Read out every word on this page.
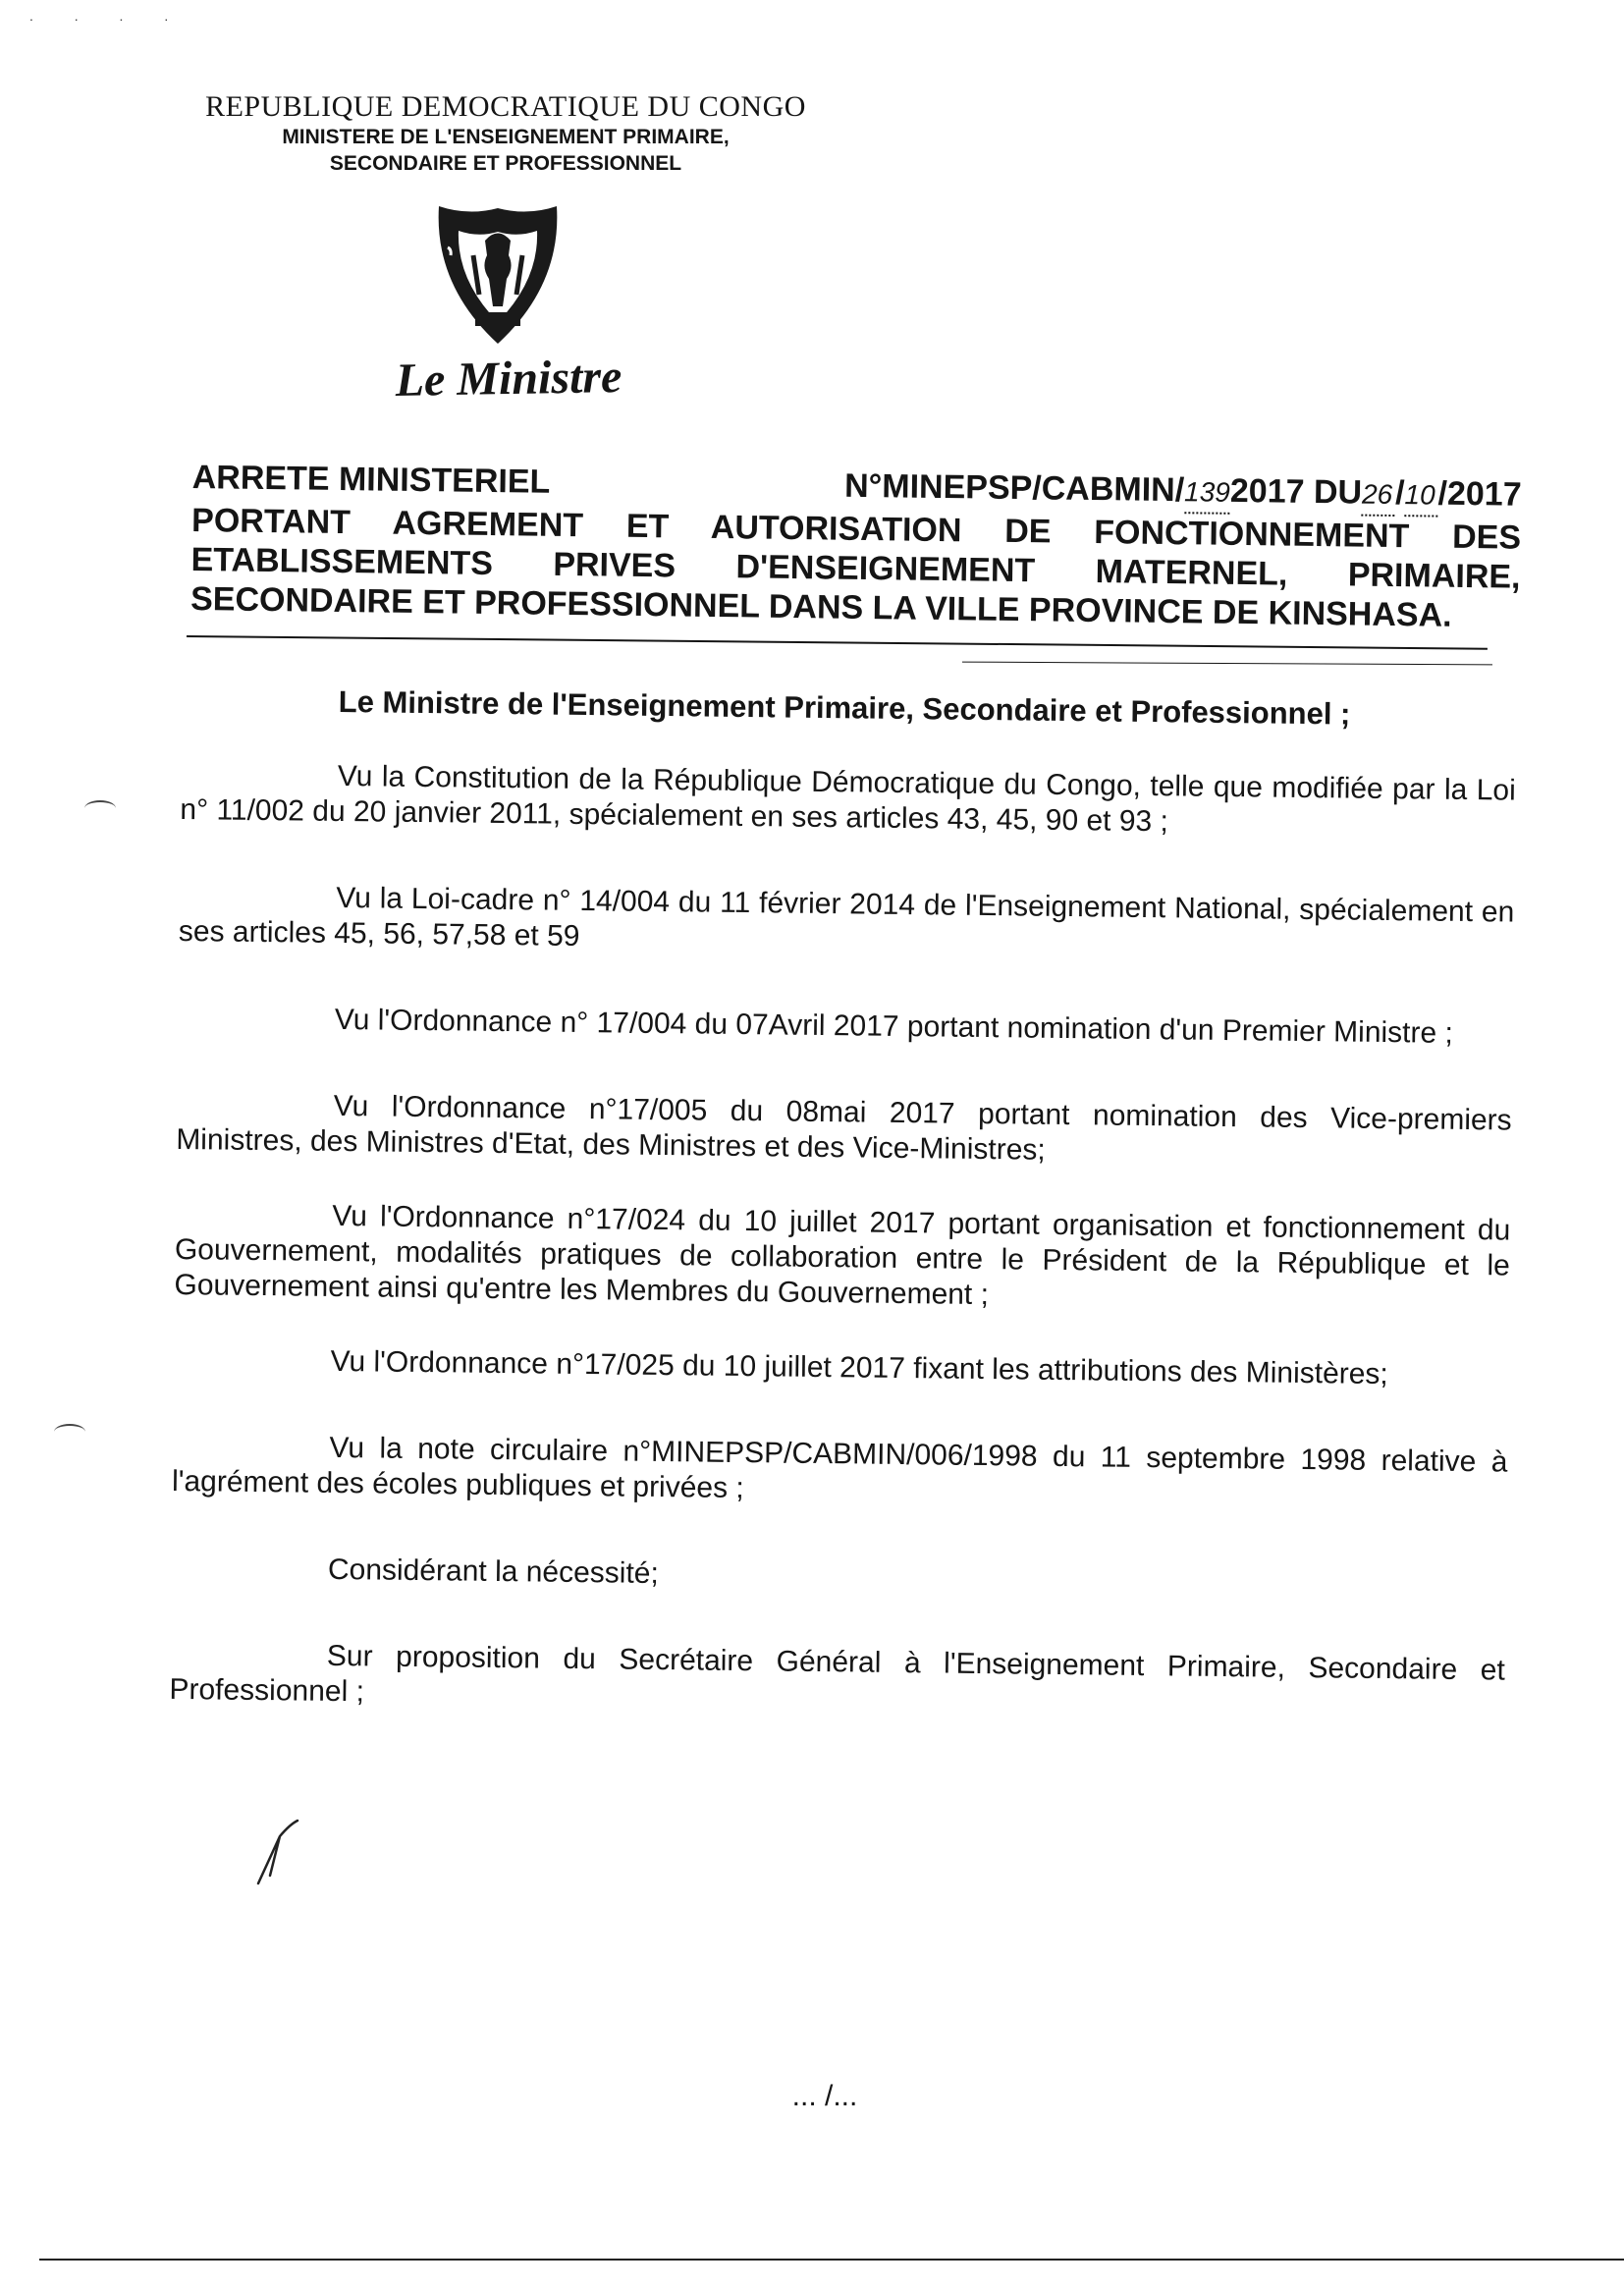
˙ ˙ ˙ ˙
REPUBLIQUE DEMOCRATIQUE DU CONGO
MINISTERE DE L'ENSEIGNEMENT PRIMAIRE,
SECONDAIRE ET PROFESSIONNEL
Le Ministre
ARRETE MINISTERIEL	N°MINEPSP/CABMIN/1392017 DU26/10/2017
PORTANT AGREMENT ET AUTORISATION DE FONCTIONNEMENT DES
ETABLISSEMENTS PRIVES D'ENSEIGNEMENT MATERNEL, PRIMAIRE,
SECONDAIRE ET PROFESSIONNEL DANS LA VILLE PROVINCE DE KINSHASA.

Le Ministre de l'Enseignement Primaire, Secondaire et Professionnel ;

Vu la Constitution de la République Démocratique du Congo, telle que modifiée par la Loi n° 11/002 du 20 janvier 2011, spécialement en ses articles 43, 45, 90 et 93 ;

Vu la Loi-cadre n° 14/004 du 11 février 2014 de l'Enseignement National, spécialement en ses articles 45, 56, 57,58 et 59

Vu l'Ordonnance n° 17/004 du 07Avril 2017 portant nomination d'un Premier Ministre ;

Vu l'Ordonnance n°17/005 du 08mai 2017 portant nomination des Vice-premiers Ministres, des Ministres d'Etat, des Ministres et des Vice-Ministres;

Vu l'Ordonnance n°17/024 du 10 juillet 2017 portant organisation et fonctionnement du Gouvernement, modalités pratiques de collaboration entre le Président de la République et le Gouvernement ainsi qu'entre les Membres du Gouvernement ;

Vu l'Ordonnance n°17/025 du 10 juillet 2017 fixant les attributions des Ministères;

Vu la note circulaire n°MINEPSP/CABMIN/006/1998 du 11 septembre 1998 relative à l'agrément des écoles publiques et privées ;

Considérant la nécessité;

Sur proposition du Secrétaire Général à l'Enseignement Primaire, Secondaire et Professionnel ;

... /...
